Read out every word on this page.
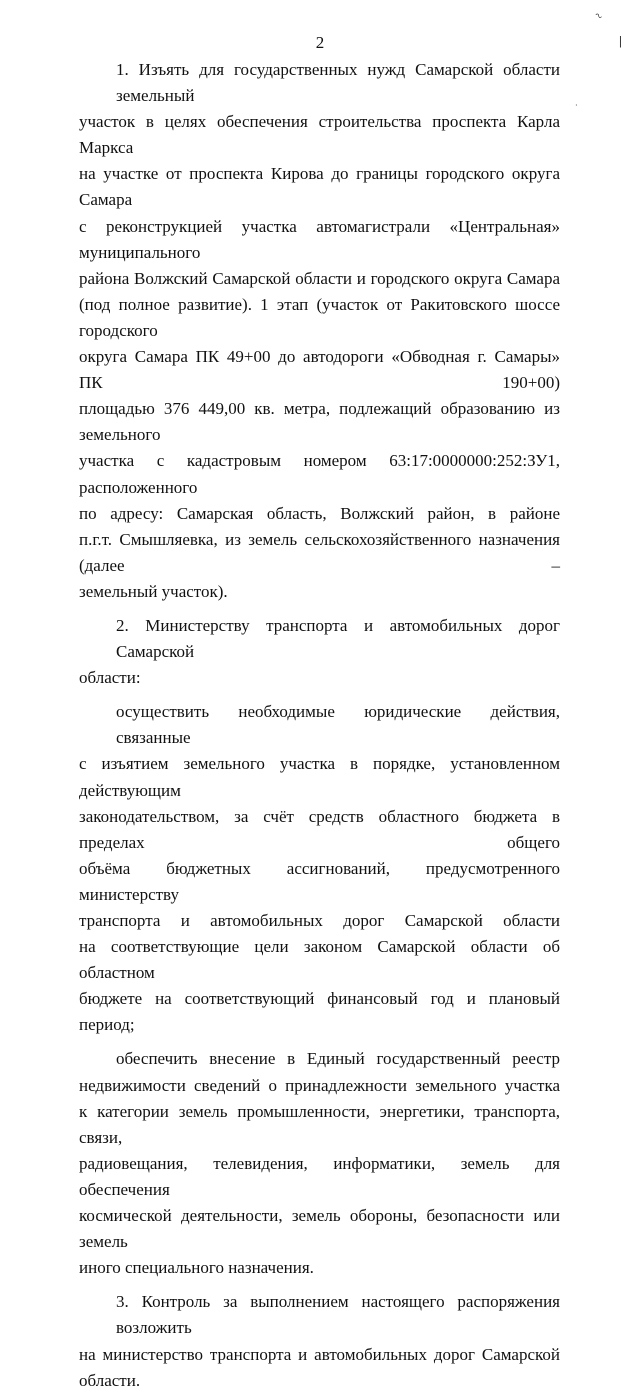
~
|
·
2

1. Изъять для государственных нужд Самарской области земельный
участок в целях обеспечения строительства проспекта Карла Маркса
на участке от проспекта Кирова до границы городского округа Самара
с реконструкцией участка автомагистрали «Центральная» муниципального
района Волжский Самарской области и городского округа Самара
(под полное развитие). 1 этап (участок от Ракитовского шоссе городского
округа Самара ПК 49+00 до автодороги «Обводная г. Самары» ПК 190+00)
площадью 376 449,00 кв. метра, подлежащий образованию из земельного
участка с кадастровым номером 63:17:0000000:252:ЗУ1, расположенного
по адресу: Самарская область, Волжский район, в районе
п.г.т. Смышляевка, из земель сельскохозяйственного назначения (далее –
земельный участок).

2. Министерству транспорта и автомобильных дорог Самарской
области:

осуществить необходимые юридические действия, связанные
с изъятием земельного участка в порядке, установленном действующим
законодательством, за счёт средств областного бюджета в пределах общего
объёма бюджетных ассигнований, предусмотренного министерству
транспорта и автомобильных дорог Самарской области
на соответствующие цели законом Самарской области об областном
бюджете на соответствующий финансовый год и плановый период;

обеспечить внесение в Единый государственный реестр
недвижимости сведений о принадлежности земельного участка
к категории земель промышленности, энергетики, транспорта, связи,
радиовещания, телевидения, информатики, земель для обеспечения
космической деятельности, земель обороны, безопасности или земель
иного специального назначения.

3. Контроль за выполнением настоящего распоряжения возложить
на министерство транспорта и автомобильных дорог Самарской области.
